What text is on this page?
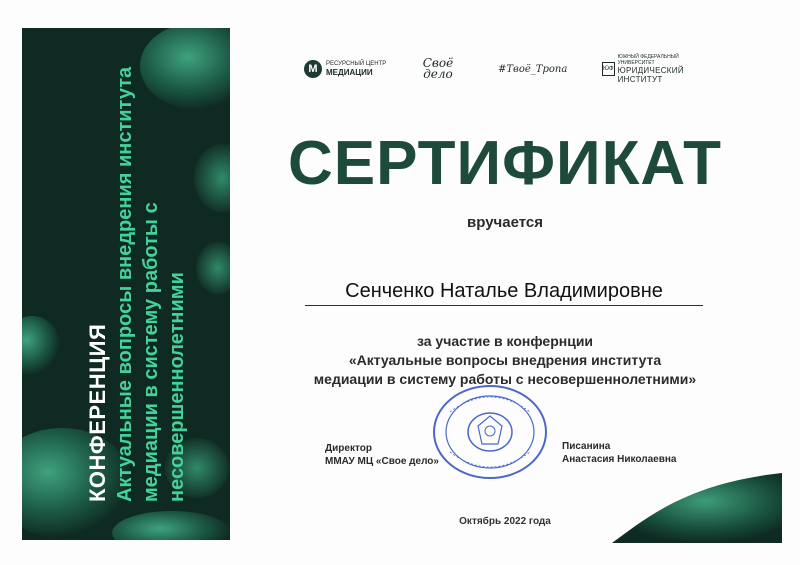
КОНФЕРЕНЦИЯ Актуальные вопросы внедрения института медиации в систему работы с несовершеннолетними
M	РЕСУРСНЫЙ ЦЕНТР
МЕДИАЦИИ
Своё дело	#Твоё_Тропа	ЮФ
ЮЖНЫЙ ФЕДЕРАЛЬНЫЙ УНИВЕРСИТЕТ
ЮРИДИЧЕСКИЙ ИНСТИТУТ
СЕРТИФИКАТ
вручается
Сенченко Наталье Владимировне
за участие в конфернции
«Актуальные вопросы внедрения института
медиации в систему работы с несовершеннолетними»
Директор
ММАУ МЦ «Свое дело»
Писанина
Анастасия Николаевна
Октябрь 2022 года
